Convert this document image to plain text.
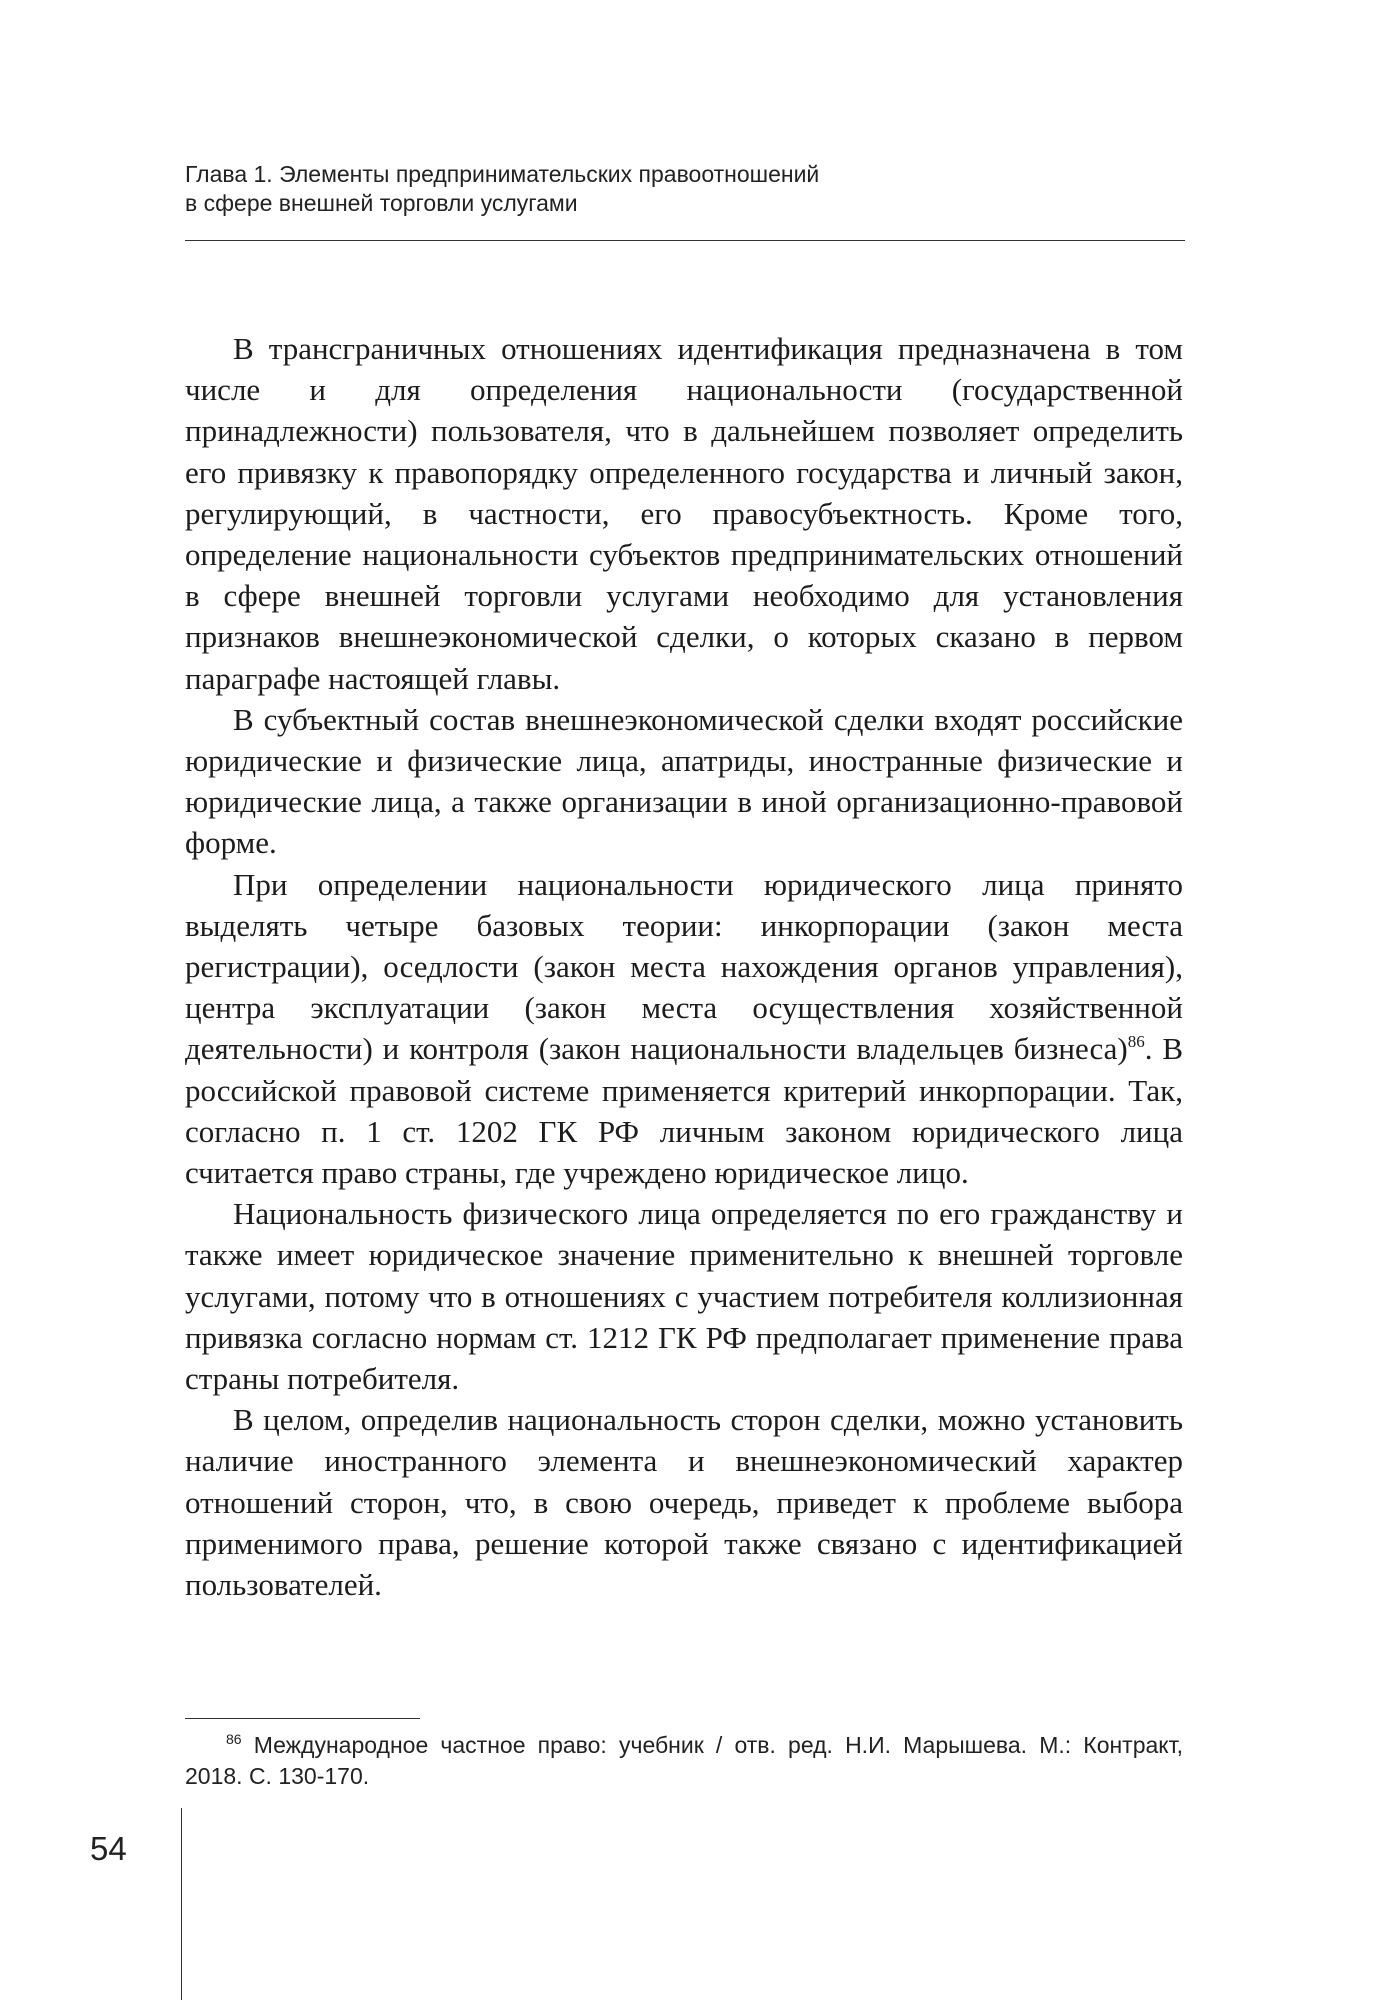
Глава 1. Элементы предпринимательских правоотношений
в сфере внешней торговли услугами

В трансграничных отношениях идентификация предназначена в том числе и для определения национальности (государственной принадлежности) пользователя, что в дальнейшем позволяет определить его привязку к правопорядку определенного государства и личный закон, регулирующий, в частности, его правосубъектность. Кроме того, определение национальности субъектов предпринимательских отношений в сфере внешней торговли услугами необходимо для установления признаков внешнеэкономической сделки, о которых сказано в первом параграфе настоящей главы.

В субъектный состав внешнеэкономической сделки входят российские юридические и физические лица, апатриды, иностранные физические и юридические лица, а также организации в иной организационно-правовой форме.

При определении национальности юридического лица принято выделять четыре базовых теории: инкорпорации (закон места регистрации), оседлости (закон места нахождения органов управления), центра эксплуатации (закон места осуществления хозяйственной деятельности) и контроля (закон национальности владельцев бизнеса)$^{86}$. В российской правовой системе применяется критерий инкорпорации. Так, согласно п. 1 ст. 1202 ГК РФ личным законом юридического лица считается право страны, где учреждено юридическое лицо.

Национальность физического лица определяется по его гражданству и также имеет юридическое значение применительно к внешней торговле услугами, потому что в отношениях с участием потребителя коллизионная привязка согласно нормам ст. 1212 ГК РФ предполагает применение права страны потребителя.

В целом, определив национальность сторон сделки, можно установить наличие иностранного элемента и внешнеэкономический характер отношений сторон, что, в свою очередь, приведет к проблеме выбора применимого права, решение которой также связано с идентификацией пользователей.

$^{86}$ Международное частное право: учебник / отв. ред. Н.И. Марышева. М.: Контракт, 2018. С. 130-170.
54
